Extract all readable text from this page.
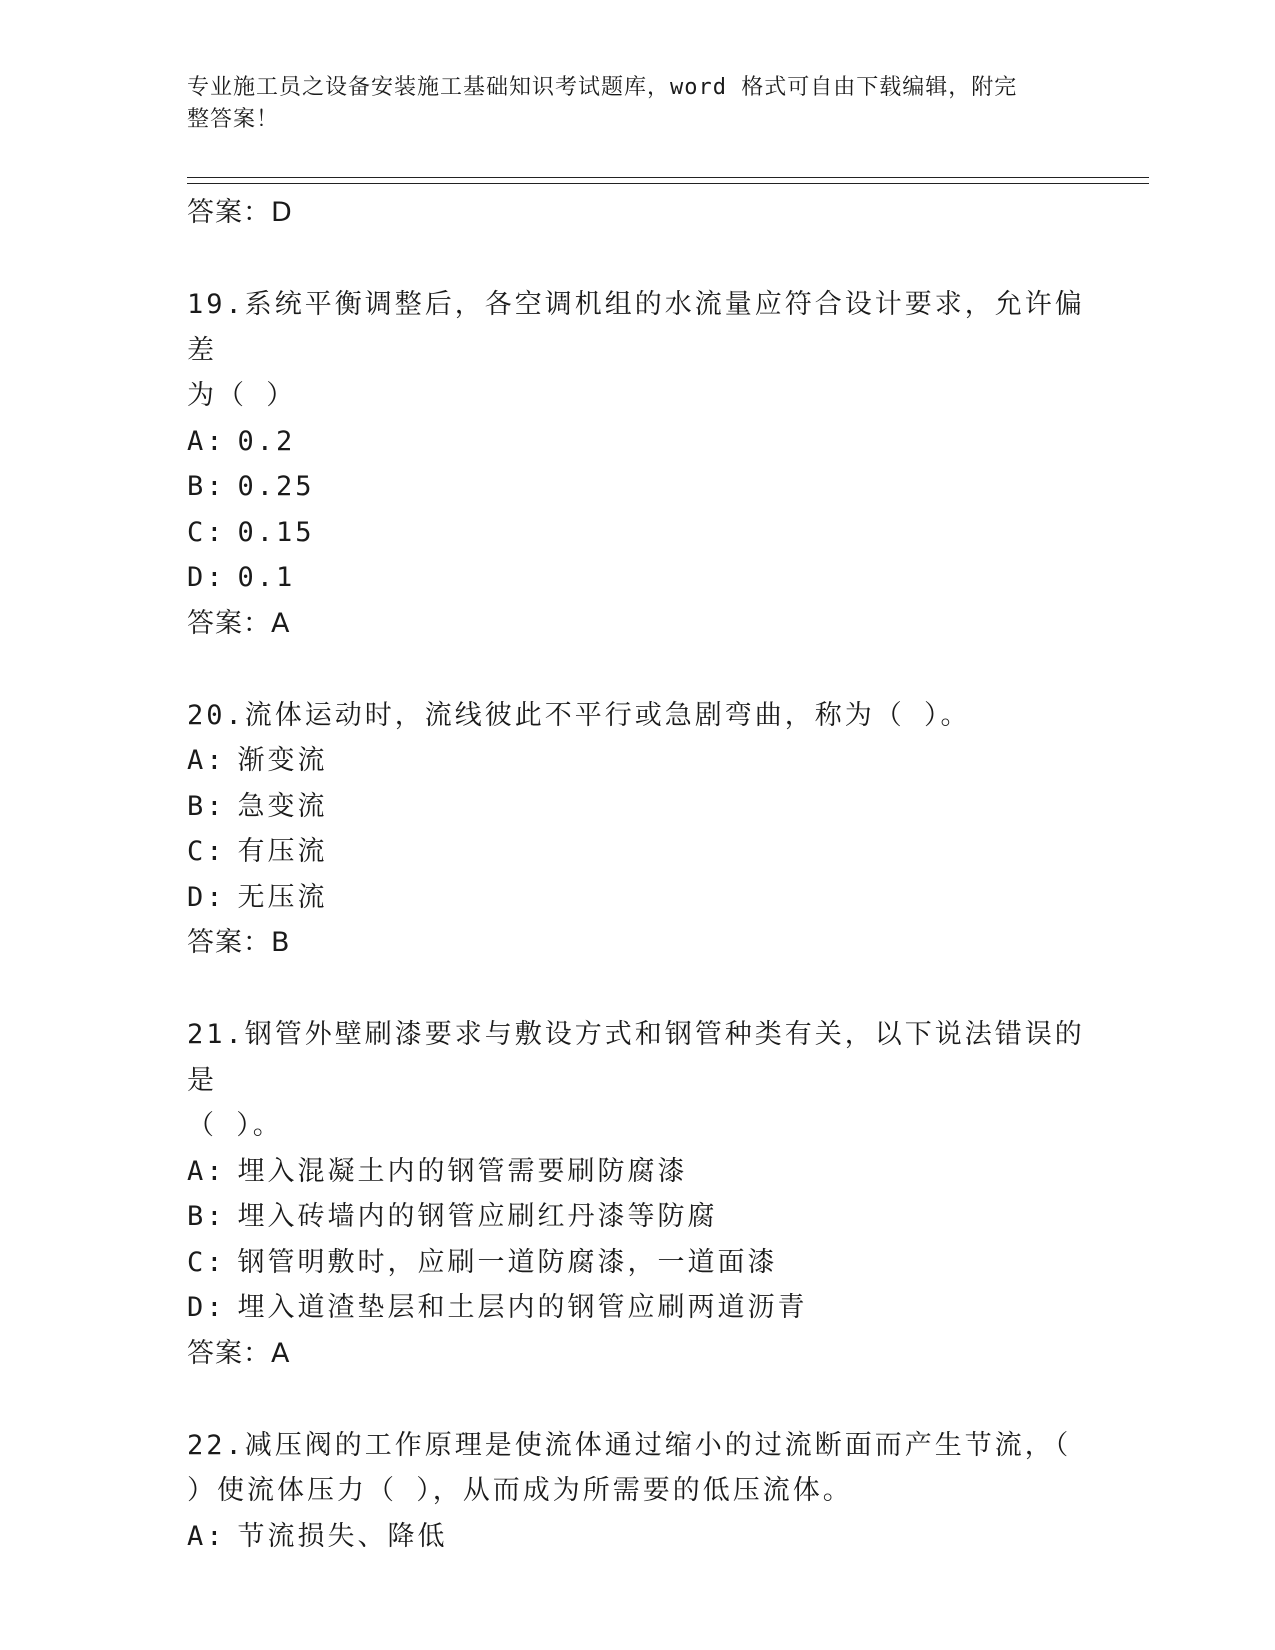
专业施工员之设备安装施工基础知识考试题库，word 格式可自由下载编辑，附完
整答案！
答案：D
19.系统平衡调整后，各空调机组的水流量应符合设计要求，允许偏差
为（ ）
A: 0.2
B: 0.25
C: 0.15
D: 0.1
答案：A
20.流体运动时，流线彼此不平行或急剧弯曲，称为（ ）。
A: 渐变流
B: 急变流
C: 有压流
D: 无压流
答案：B
21.钢管外壁刷漆要求与敷设方式和钢管种类有关，以下说法错误的是
（ ）。
A: 埋入混凝土内的钢管需要刷防腐漆
B: 埋入砖墙内的钢管应刷红丹漆等防腐
C: 钢管明敷时，应刷一道防腐漆，一道面漆
D: 埋入道渣垫层和土层内的钢管应刷两道沥青
答案：A
22.减压阀的工作原理是使流体通过缩小的过流断面而产生节流，（
）使流体压力（ ），从而成为所需要的低压流体。
A: 节流损失、降低
